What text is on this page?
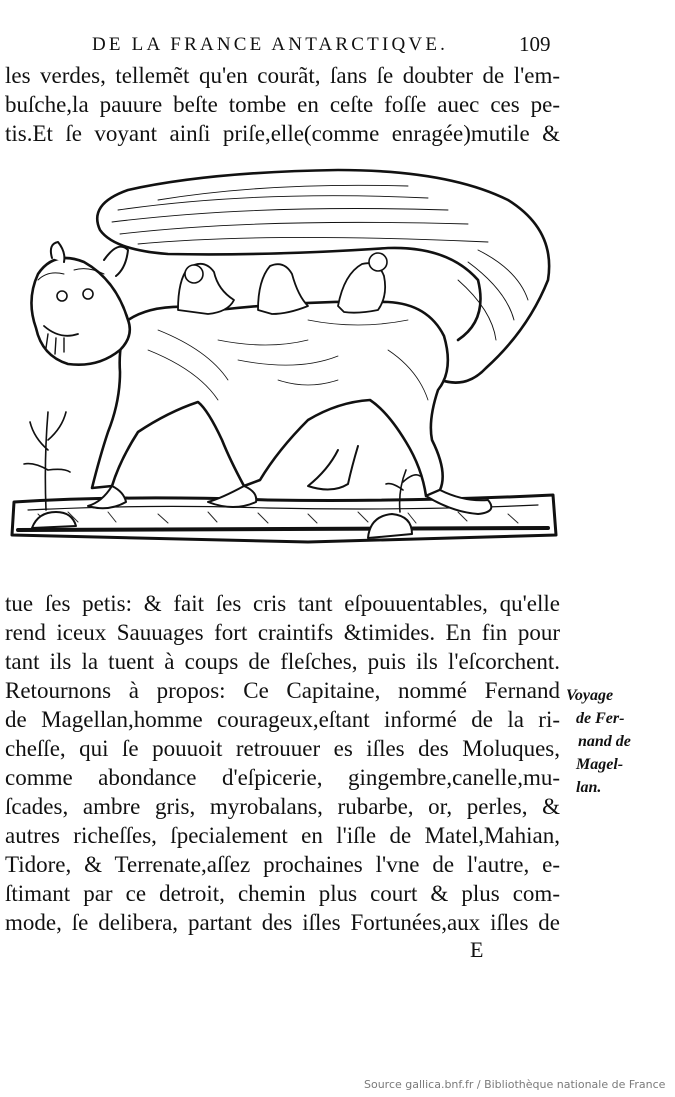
DE LA FRANCE ANTARCTIQVE.	109
les verdes, tellemẽt qu'en courãt, ſans ſe doubter de l'em-
buſche,la pauure beſte tombe en ceſte foſſe auec ces pe-
tis.Et ſe voyant ainſi priſe,elle(comme enragée)mutile &
tue ſes petis: & fait ſes cris tant eſpouuentables, qu'elle
rend iceux Sauuages fort craintifs &timides. En fin pour
tant ils la tuent à coups de fleſches, puis ils l'eſcorchent.
Retournons à propos: Ce Capitaine, nommé Fernand
de Magellan,homme courageux,eſtant informé de la ri-
cheſſe, qui ſe pouuoit retrouuer es iſles des Moluques,
comme abondance d'eſpicerie, gingembre,canelle,mu-
ſcades, ambre gris, myrobalans, rubarbe, or, perles, &
autres richeſſes, ſpecialement en l'iſle de Matel,Mahian,
Tidore, & Terrenate,aſſez prochaines l'vne de l'autre, e-
ſtimant par ce detroit, chemin plus court & plus com-
mode, ſe delibera, partant des iſles Fortunées,aux iſles de
Voyage
de Fer-
nand de
Magel-
lan.
E
Source gallica.bnf.fr / Bibliothèque nationale de France
